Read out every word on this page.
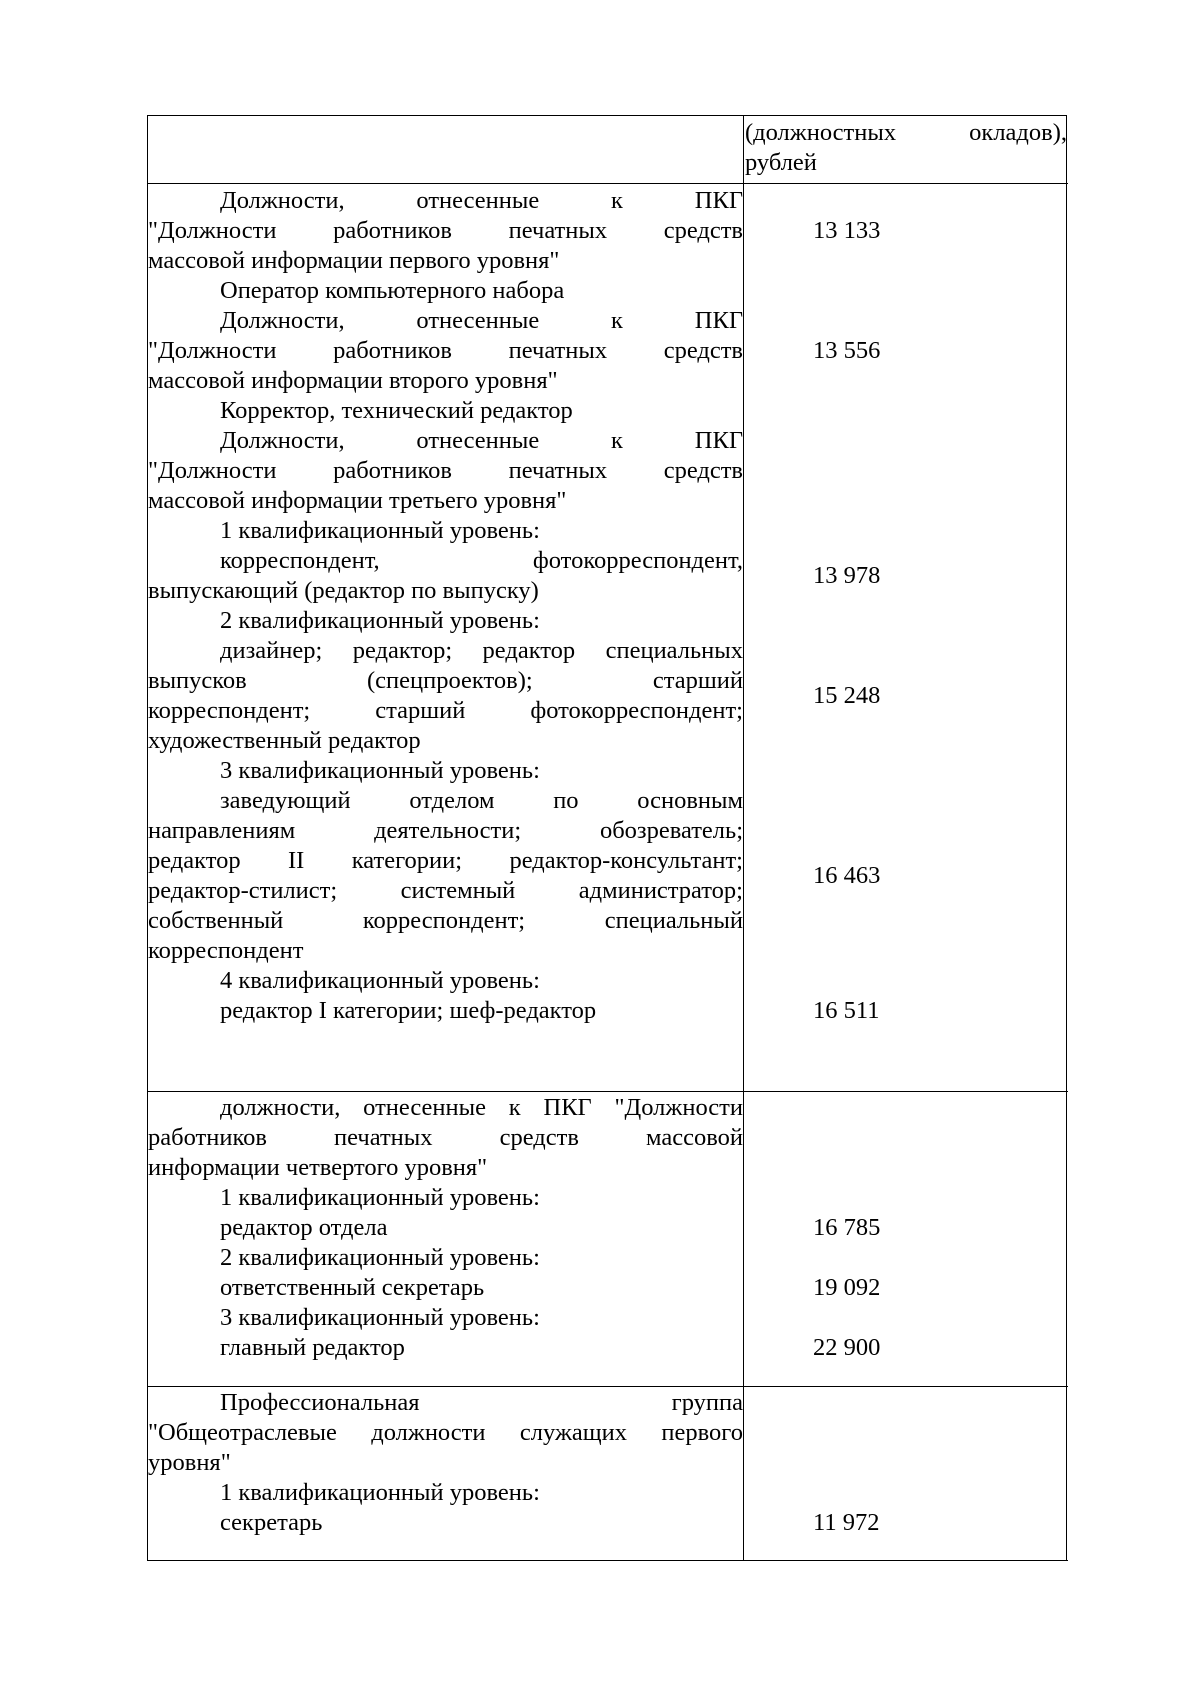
(должностных окладов),
рублей
Должности, отнесенные к ПКГ
"Должности работников печатных средств
массовой информации первого уровня"
Оператор компьютерного набора
13 133
Должности, отнесенные к ПКГ
"Должности работников печатных средств
массовой информации второго уровня"
Корректор, технический редактор
13 556
Должности, отнесенные к ПКГ
"Должности работников печатных средств
массовой информации третьего уровня"
1 квалификационный уровень:
корреспондент, фотокорреспондент,
выпускающий (редактор по выпуску)
13 978
2 квалификационный уровень:
дизайнер; редактор; редактор специальных
выпусков (спецпроектов); старший
корреспондент; старший фотокорреспондент;
художественный редактор
15 248
3 квалификационный уровень:
заведующий отделом по основным
направлениям деятельности; обозреватель;
редактор II категории; редактор-консультант;
редактор-стилист; системный администратор;
собственный корреспондент; специальный
корреспондент
16 463
4 квалификационный уровень:
редактор I категории; шеф-редактор	16 511
должности, отнесенные к ПКГ "Должности
работников печатных средств массовой
информации четвертого уровня"
1 квалификационный уровень:
редактор отдела
2 квалификационный уровень:
ответственный секретарь
3 квалификационный уровень:
главный редактор
16 785
19 092
22 900
Профессиональная группа
"Общеотраслевые должности служащих первого
уровня"
1 квалификационный уровень:
секретарь	11 972
